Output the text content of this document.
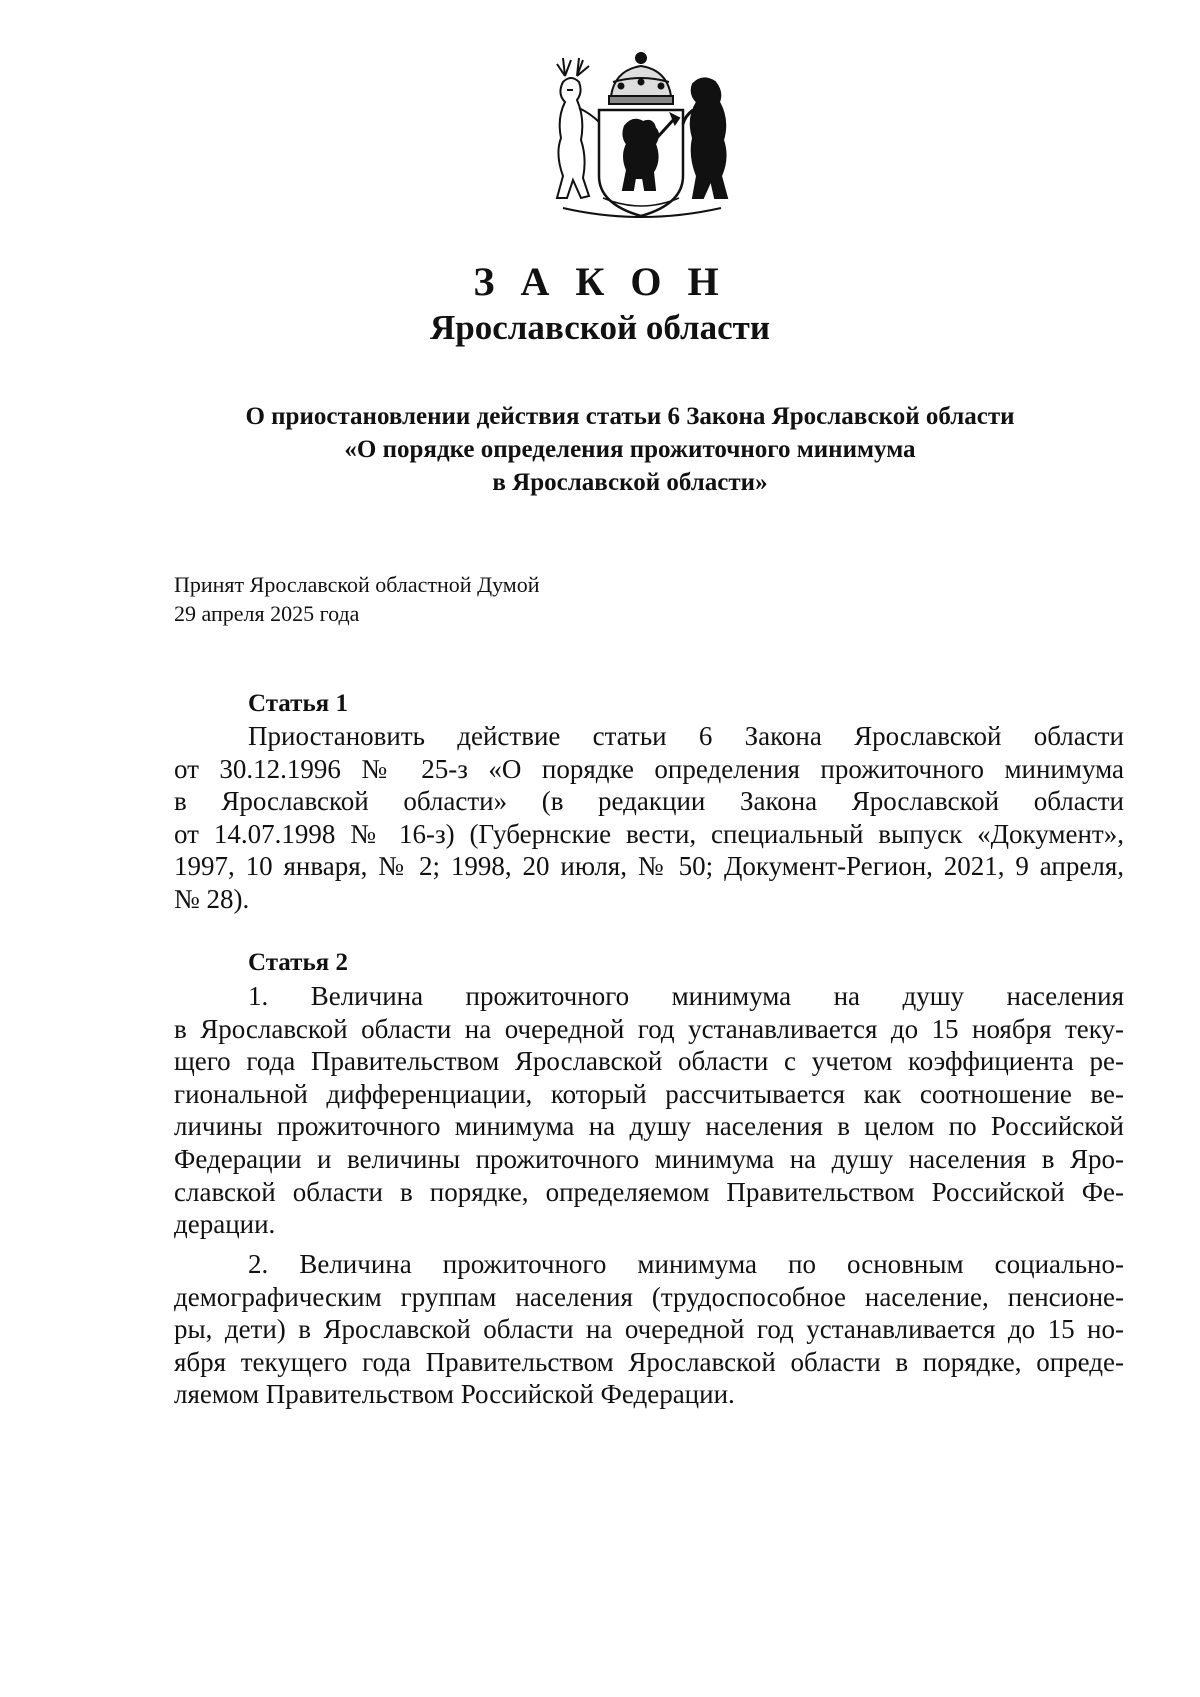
З А К О Н
Ярославской области
О приостановлении действия статьи 6 Закона Ярославской области
«О порядке определения прожиточного минимума
в Ярославской области»
Принят Ярославской областной Думой
29 апреля 2025 года
Статья 1
Приостановить действие статьи 6 Закона Ярославской области
от 30.12.1996 № 25-з «О порядке определения прожиточного минимума
в Ярославской области» (в редакции Закона Ярославской области
от 14.07.1998 № 16-з) (Губернские вести, специальный выпуск «Документ»,
1997, 10 января, № 2; 1998, 20 июля, № 50; Документ-Регион, 2021, 9 апреля,
№ 28).
Статья 2
1. Величина прожиточного минимума на душу населения
в Ярославской области на очередной год устанавливается до 15 ноября теку-
щего года Правительством Ярославской области с учетом коэффициента ре-
гиональной дифференциации, который рассчитывается как соотношение ве-
личины прожиточного минимума на душу населения в целом по Российской
Федерации и величины прожиточного минимума на душу населения в Яро-
славской области в порядке, определяемом Правительством Российской Фе-
дерации.
2. Величина прожиточного минимума по основным социально-
демографическим группам населения (трудоспособное население, пенсионе-
ры, дети) в Ярославской области на очередной год устанавливается до 15 но-
ября текущего года Правительством Ярославской области в порядке, опреде-
ляемом Правительством Российской Федерации.
